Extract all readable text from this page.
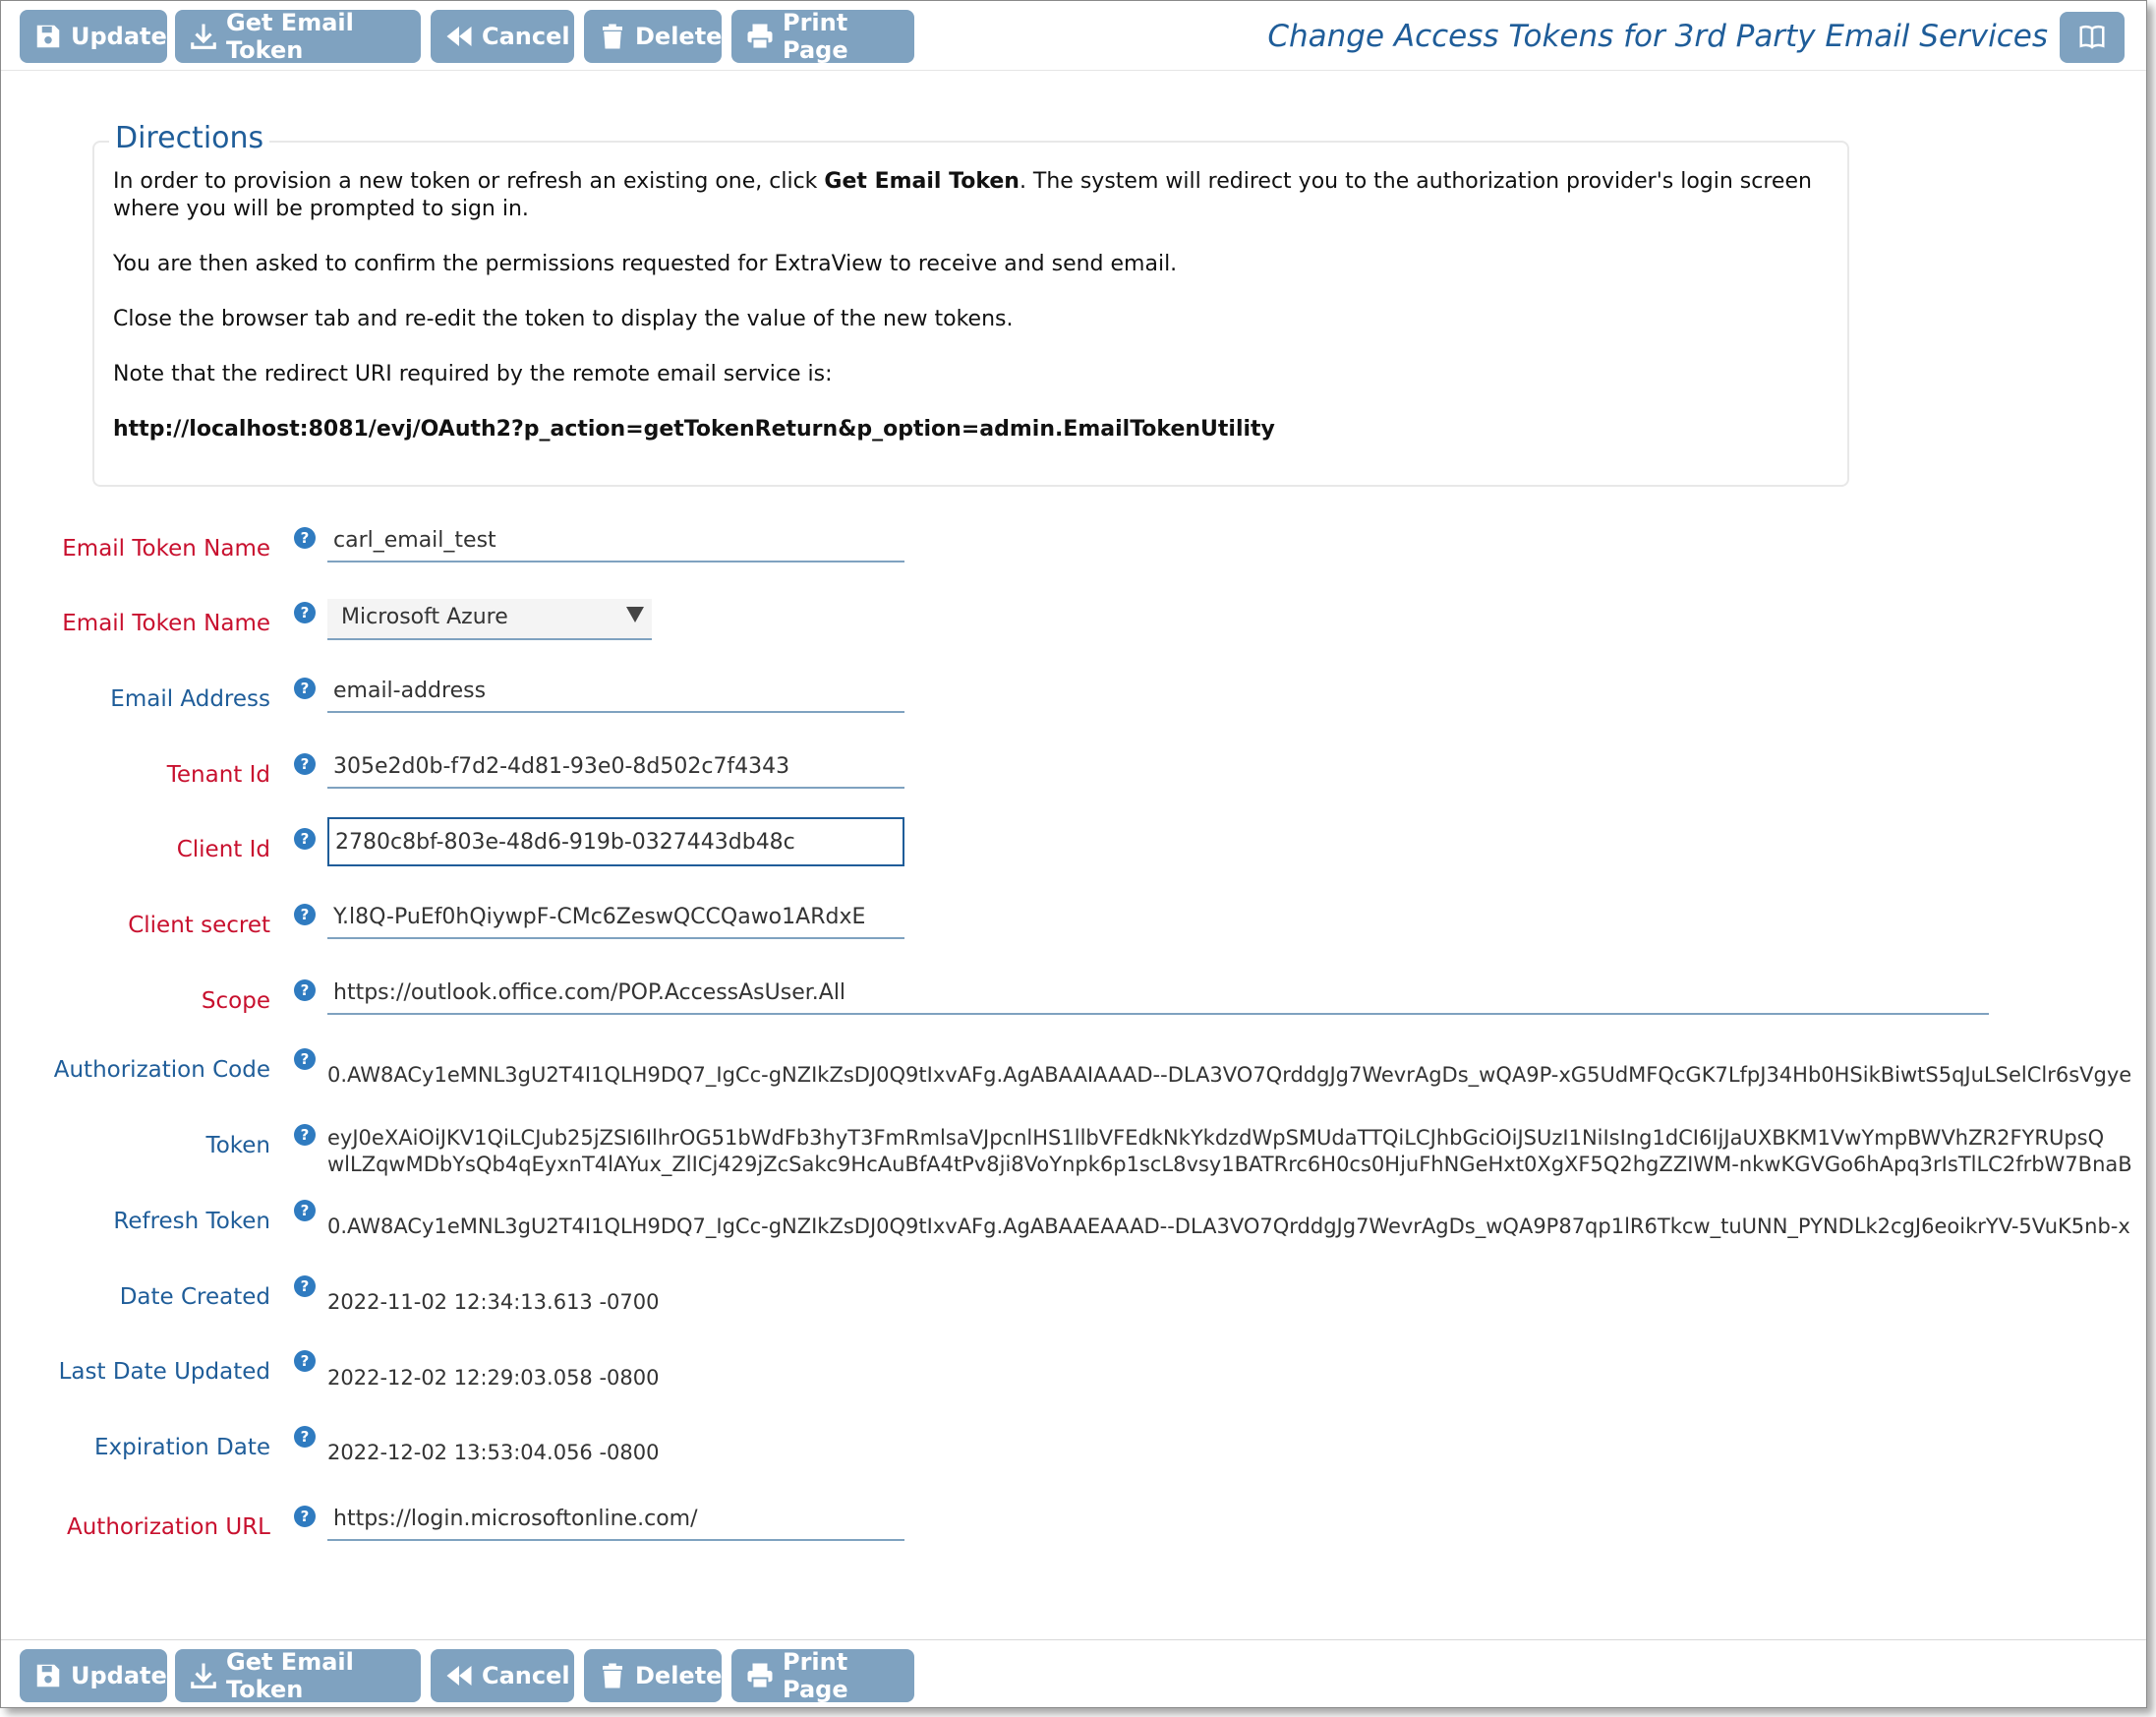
Update	Get Email Token	Cancel	Delete	Print Page	Change Access Tokens for 3rd Party Email Services
Directions
In order to provision a new token or refresh an existing one, click Get Email Token. The system will redirect you to the authorization provider's login screen
where you will be prompted to sign in.
You are then asked to confirm the permissions requested for ExtraView to receive and send email.
Close the browser tab and re-edit the token to display the value of the new tokens.
Note that the redirect URI required by the remote email service is:
http://localhost:8081/evj/OAuth2?p_action=getTokenReturn&p_option=admin.EmailTokenUtility
Email Token Name ?
carl_email_test
Email Token Name ?	Microsoft Azure
Email Address ?
email-address
Tenant Id ?
305e2d0b-f7d2-4d81-93e0-8d502c7f4343
Client Id ?
2780c8bf-803e-48d6-919b-0327443db48c
Client secret ?
Y.l8Q-PuEf0hQiywpF-CMc6ZeswQCCQawo1ARdxE
Scope ?
https://outlook.office.com/POP.AccessAsUser.All
Authorization Code ?
0.AW8ACy1eMNL3gU2T4I1QLH9DQ7_IgCc-gNZIkZsDJ0Q9tIxvAFg.AgABAAIAAAD--DLA3VO7QrddgJg7WevrAgDs_wQA9P-xG5UdMFQcGK7LfpJ34Hb0HSikBiwtS5qJuLSelClr6sVgye
Token ? eyJ0eXAiOiJKV1QiLCJub25jZSI6IlhrOG51bWdFb3hyT3FmRmlsaVJpcnlHS1llbVFEdkNkYkdzdWpSMUdaTTQiLCJhbGciOiJSUzI1NiIsIng1dCI6IjJaUXBKM1VwYmpBWVhZR2FYRUpsQ
wlLZqwMDbYsQb4qEyxnT4lAYux_ZlICj429jZcSakc9HcAuBfA4tPv8ji8VoYnpk6p1scL8vsy1BATRrc6H0cs0HjuFhNGeHxt0XgXF5Q2hgZZIWM-nkwKGVGo6hApq3rIsTlLC2frbW7BnaB
Refresh Token ?
0.AW8ACy1eMNL3gU2T4I1QLH9DQ7_IgCc-gNZIkZsDJ0Q9tIxvAFg.AgABAAEAAAD--DLA3VO7QrddgJg7WevrAgDs_wQA9P87qp1lR6Tkcw_tuUNN_PYNDLk2cgJ6eoikrYV-5VuK5nb-x
Date Created ?
2022-11-02 12:34:13.613 -0700
Last Date Updated ?
2022-12-02 12:29:03.058 -0800
Expiration Date ?
2022-12-02 13:53:04.056 -0800
Authorization URL ?
https://login.microsoftonline.com/
Update	Get Email Token	Cancel	Delete	Print Page
